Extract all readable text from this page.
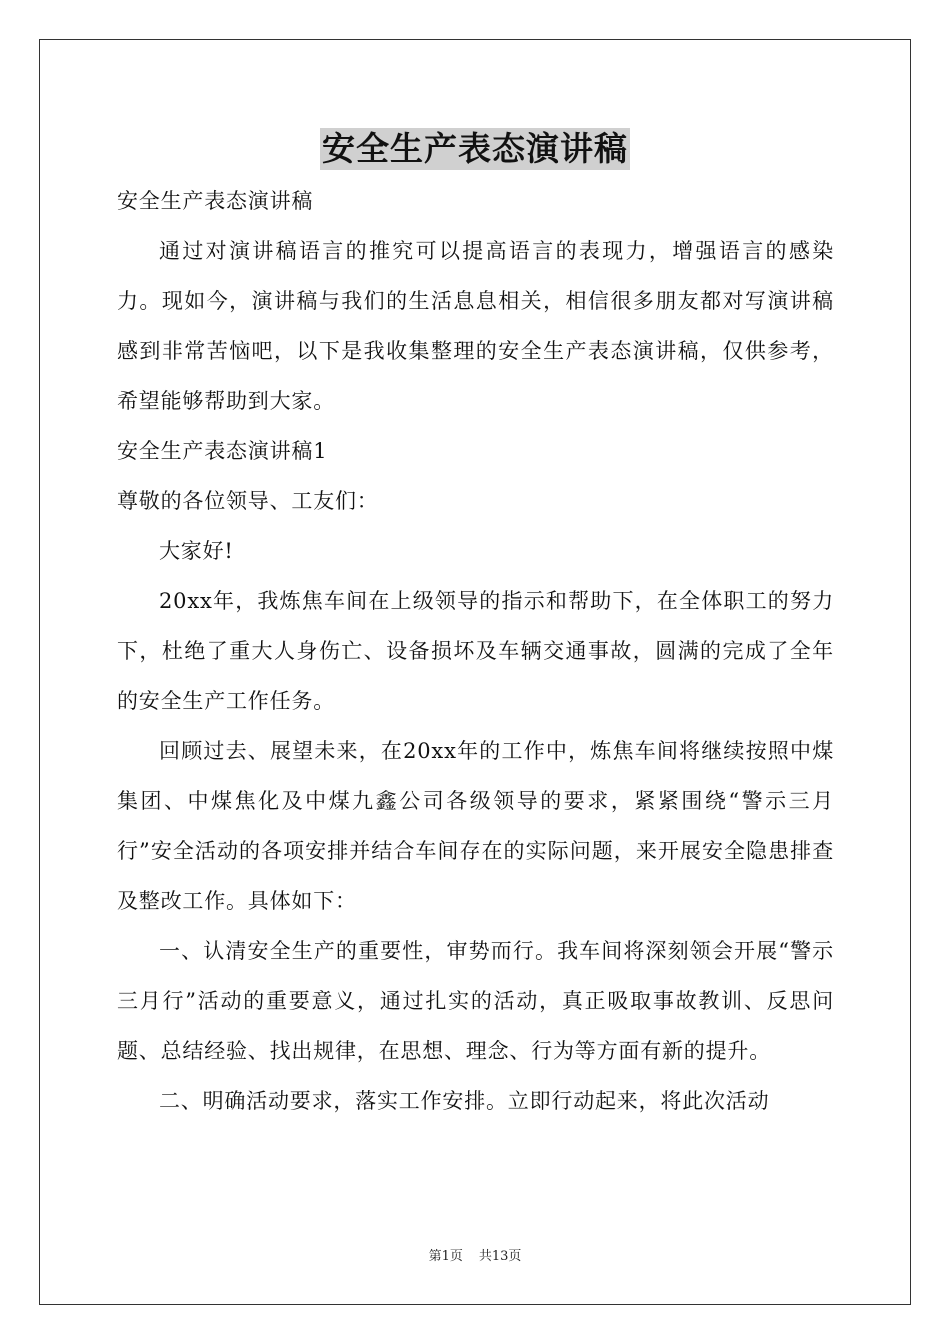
安全生产表态演讲稿

安全生产表态演讲稿

通过对演讲稿语言的推究可以提高语言的表现力，增强语言的感染力。现如今，演讲稿与我们的生活息息相关，相信很多朋友都对写演讲稿感到非常苦恼吧，以下是我收集整理的安全生产表态演讲稿，仅供参考，希望能够帮助到大家。

安全生产表态演讲稿1

尊敬的各位领导、工友们：

大家好!

20xx年，我炼焦车间在上级领导的指示和帮助下，在全体职工的努力下，杜绝了重大人身伤亡、设备损坏及车辆交通事故，圆满的完成了全年的安全生产工作任务。

回顾过去、展望未来，在20xx年的工作中，炼焦车间将继续按照中煤集团、中煤焦化及中煤九鑫公司各级领导的要求，紧紧围绕“警示三月行”安全活动的各项安排并结合车间存在的实际问题，来开展安全隐患排查及整改工作。具体如下：

一、认清安全生产的重要性，审势而行。我车间将深刻领会开展“警示三月行”活动的重要意义，通过扎实的活动，真正吸取事故教训、反思问题、总结经验、找出规律，在思想、理念、行为等方面有新的提升。

二、明确活动要求，落实工作安排。立即行动起来，将此次活动

第1页 共13页
